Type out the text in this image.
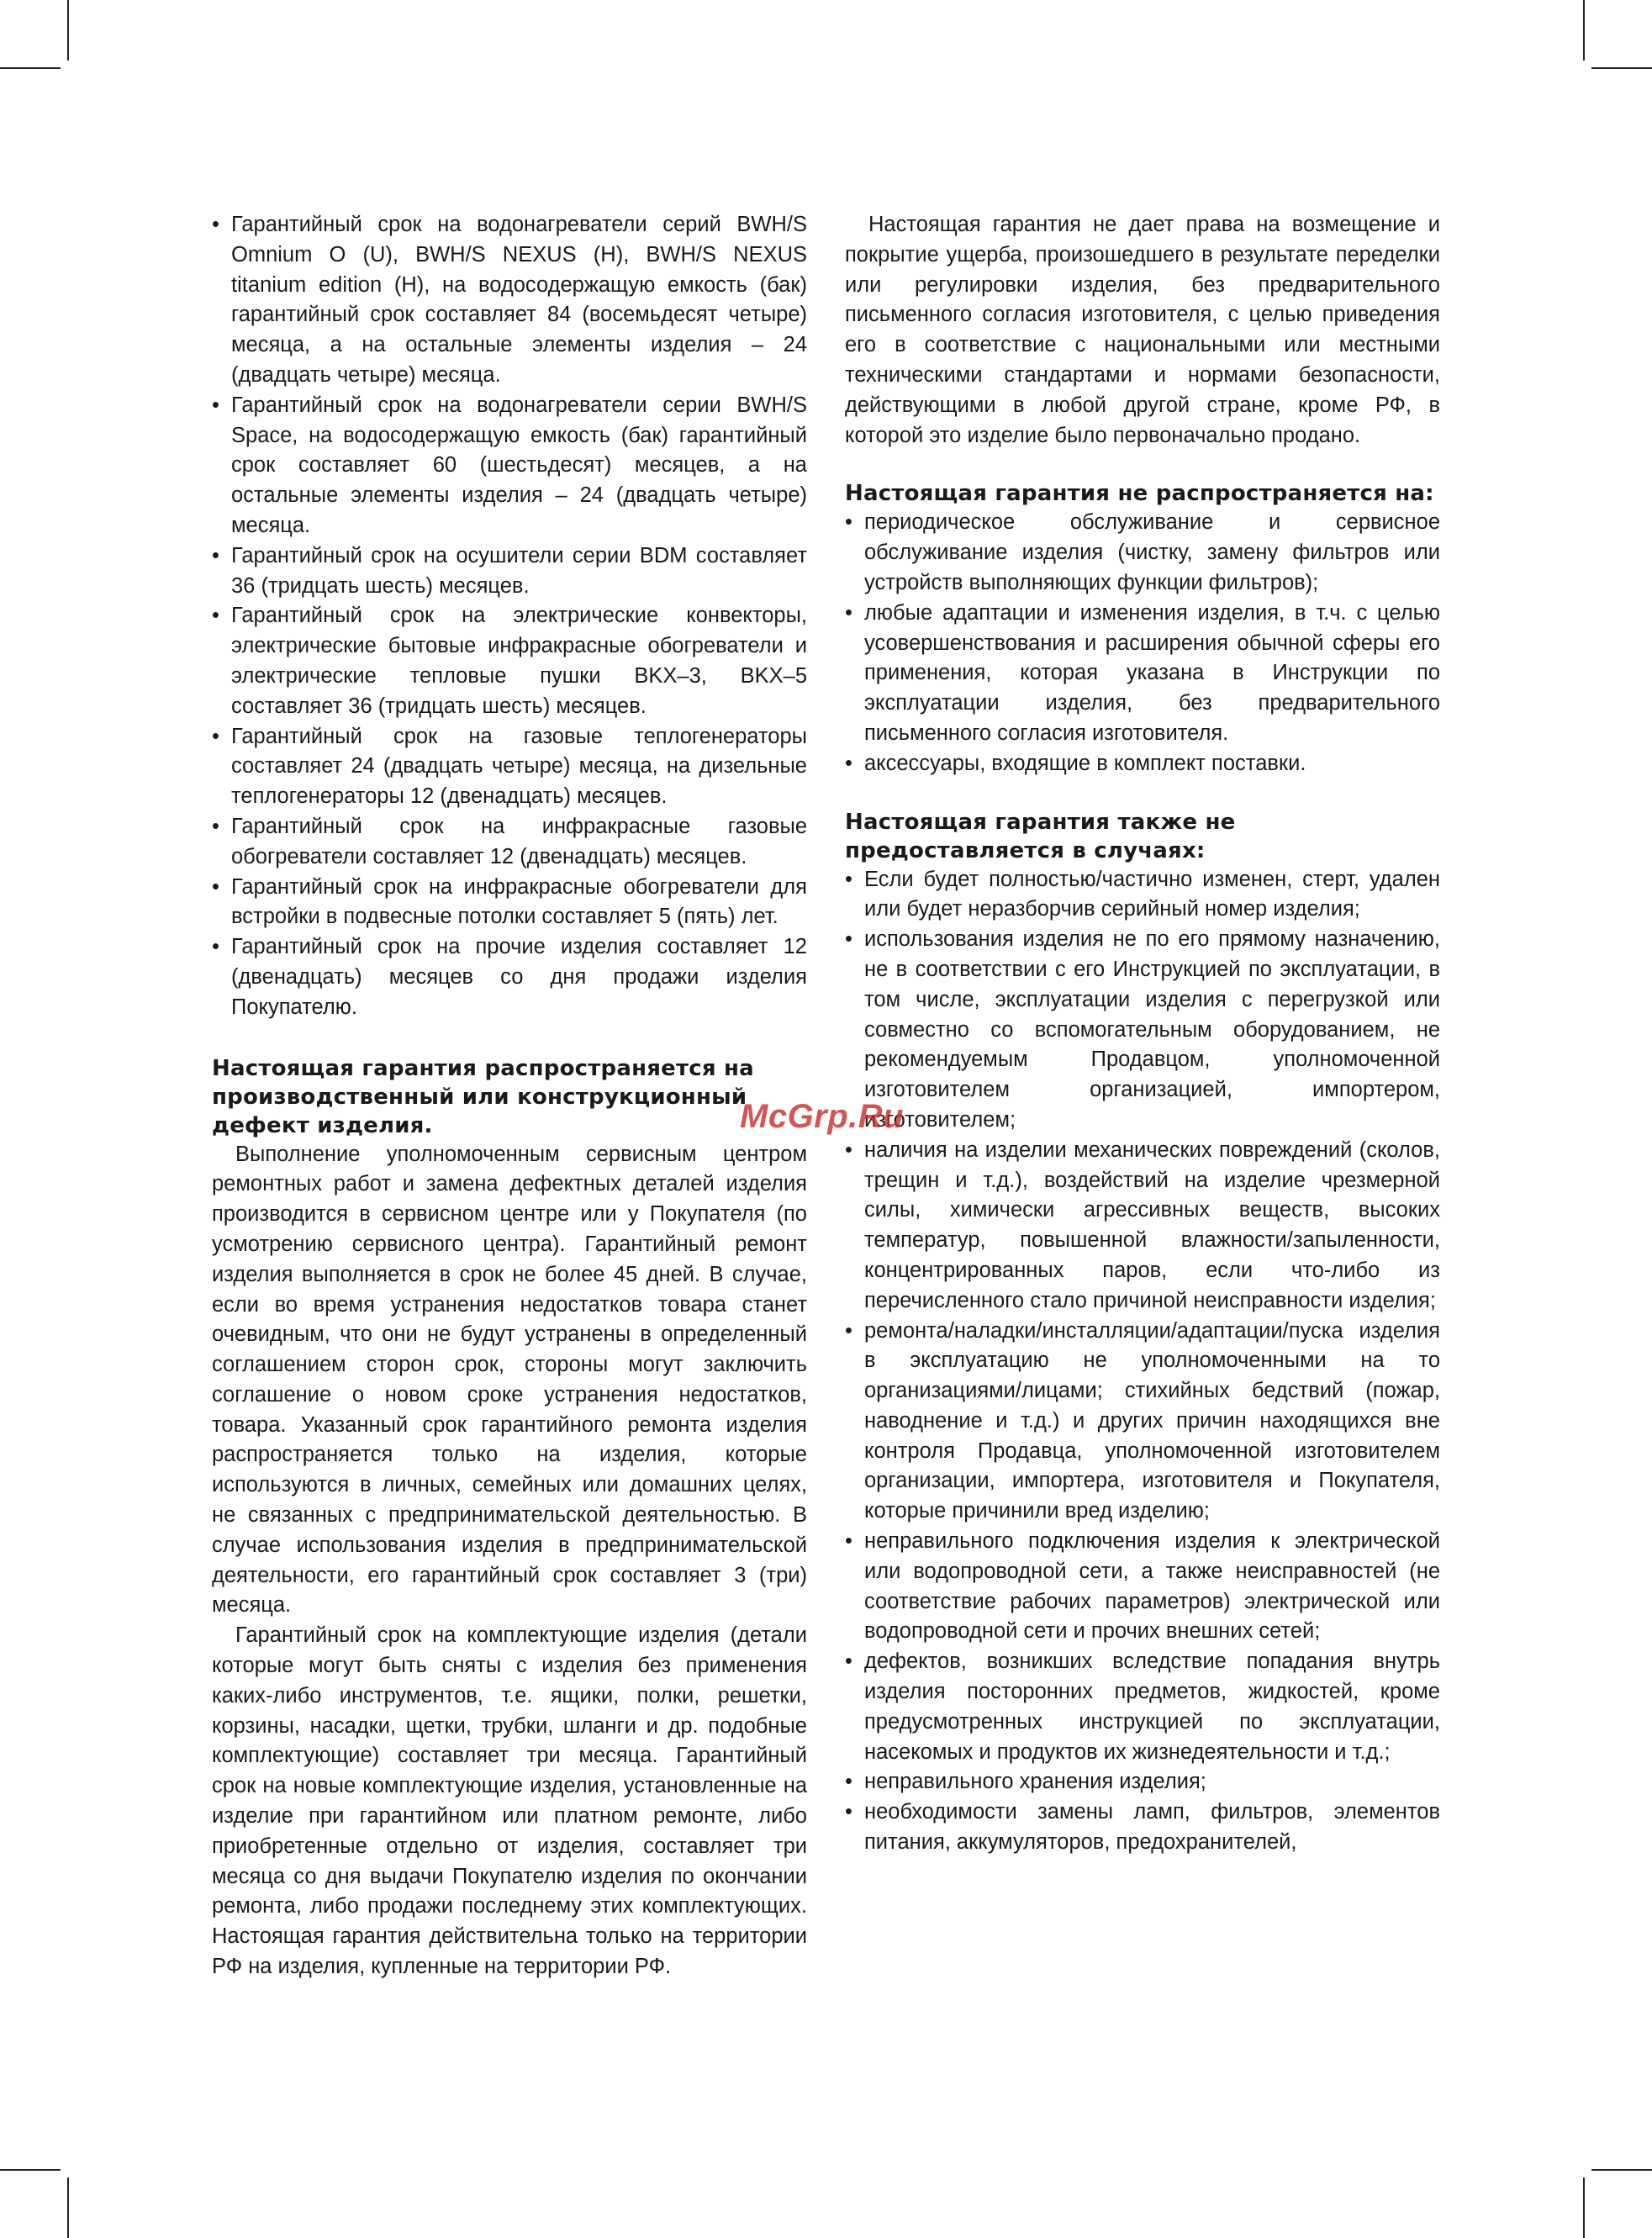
• Гарантийный срок на водонагреватели серий BWH/S Omnium O (U), BWH/S NEXUS (H), BWH/S NEXUS titanium edition (H), на водосодержащую емкость (бак) гарантийный срок составляет 84 (восемьдесят четыре) месяца, а на остальные элементы изделия – 24 (двадцать четыре) месяца.
• Гарантийный срок на водонагреватели серии BWH/S Space, на водосодержащую емкость (бак) гарантийный срок составляет 60 (шестьдесят) месяцев, а на остальные элементы изделия – 24 (двадцать четыре) месяца.
• Гарантийный срок на осушители серии BDM составляет 36 (тридцать шесть) месяцев.
• Гарантийный срок на электрические конвекторы, электрические бытовые инфракрасные обогреватели и электрические тепловые пушки BKX–3, BKX–5 составляет 36 (тридцать шесть) месяцев.
• Гарантийный срок на газовые теплогенераторы составляет 24 (двадцать четыре) месяца, на дизельные теплогенераторы 12 (двенадцать) месяцев.
• Гарантийный срок на инфракрасные газовые обогреватели составляет 12 (двенадцать) месяцев.
• Гарантийный срок на инфракрасные обогреватели для встройки в подвесные потолки составляет 5 (пять) лет.
• Гарантийный срок на прочие изделия составляет 12 (двенадцать) месяцев со дня продажи изделия Покупателю.
Настоящая гарантия распространяется на производственный или конструкционный дефект изделия.

Выполнение уполномоченным сервисным центром ремонтных работ и замена дефектных деталей изделия производится в сервисном центре или у Покупателя (по усмотрению сервисного центра). Гарантийный ремонт изделия выполняется в срок не более 45 дней. В случае, если во время устранения недостатков товара станет очевидным, что они не будут устранены в определенный соглашением сторон срок, стороны могут заключить соглашение о новом сроке устранения недостатков, товара. Указанный срок гарантийного ремонта изделия распространяется только на изделия, которые используются в личных, семейных или домашних целях, не связанных с предпринимательской деятельностью. В случае использования изделия в предпринимательской деятельности, его гарантийный срок составляет 3 (три) месяца.

Гарантийный срок на комплектующие изделия (детали которые могут быть сняты с изделия без применения каких-либо инструментов, т.е. ящики, полки, решетки, корзины, насадки, щетки, трубки, шланги и др. подобные комплектующие) составляет три месяца. Гарантийный срок на новые комплектующие изделия, установленные на изделие при гарантийном или платном ремонте, либо приобретенные отдельно от изделия, составляет три месяца со дня выдачи Покупателю изделия по окончании ремонта, либо продажи последнему этих комплектующих. Настоящая гарантия действительна только на территории РФ на изделия, купленные на территории РФ.

Настоящая гарантия не дает права на возмещение и покрытие ущерба, произошедшего в результате переделки или регулировки изделия, без предварительного письменного согласия изготовителя, с целью приведения его в соответствие с национальными или местными техническими стандартами и нормами безопасности, действующими в любой другой стране, кроме РФ, в которой это изделие было первоначально продано.

Настоящая гарантия не распространяется на:
• периодическое обслуживание и сервисное обслуживание изделия (чистку, замену фильтров или устройств выполняющих функции фильтров);
• любые адаптации и изменения изделия, в т.ч. с целью усовершенствования и расширения обычной сферы его применения, которая указана в Инструкции по эксплуатации изделия, без предварительного письменного согласия изготовителя.
• аксессуары, входящие в комплект поставки.
Настоящая гарантия также не предоставляется в случаях:
• Если будет полностью/частично изменен, стерт, удален или будет неразборчив серийный номер изделия;
• использования изделия не по его прямому назначению, не в соответствии с его Инструкцией по эксплуатации, в том числе, эксплуатации изделия с перегрузкой или совместно со вспомогательным оборудованием, не рекомендуемым Продавцом, уполномоченной изготовителем организацией, импортером, изготовителем;
• наличия на изделии механических повреждений (сколов, трещин и т.д.), воздействий на изделие чрезмерной силы, химически агрессивных веществ, высоких температур, повышенной влажности/запыленности, концентрированных паров, если что-либо из перечисленного стало причиной неисправности изделия;
• ремонта/наладки/инсталляции/адаптации/пуска изделия в эксплуатацию не уполномоченными на то организациями/лицами; стихийных бедствий (пожар, наводнение и т.д.) и других причин находящихся вне контроля Продавца, уполномоченной изготовителем организации, импортера, изготовителя и Покупателя, которые причинили вред изделию;
• неправильного подключения изделия к электрической или водопроводной сети, а также неисправностей (не соответствие рабочих параметров) электрической или водопроводной сети и прочих внешних сетей;
• дефектов, возникших вследствие попадания внутрь изделия посторонних предметов, жидкостей, кроме предусмотренных инструкцией по эксплуатации, насекомых и продуктов их жизнедеятельности и т.д.;
• неправильного хранения изделия;
• необходимости замены ламп, фильтров, элементов питания, аккумуляторов, предохранителей,
McGrp.Ru
